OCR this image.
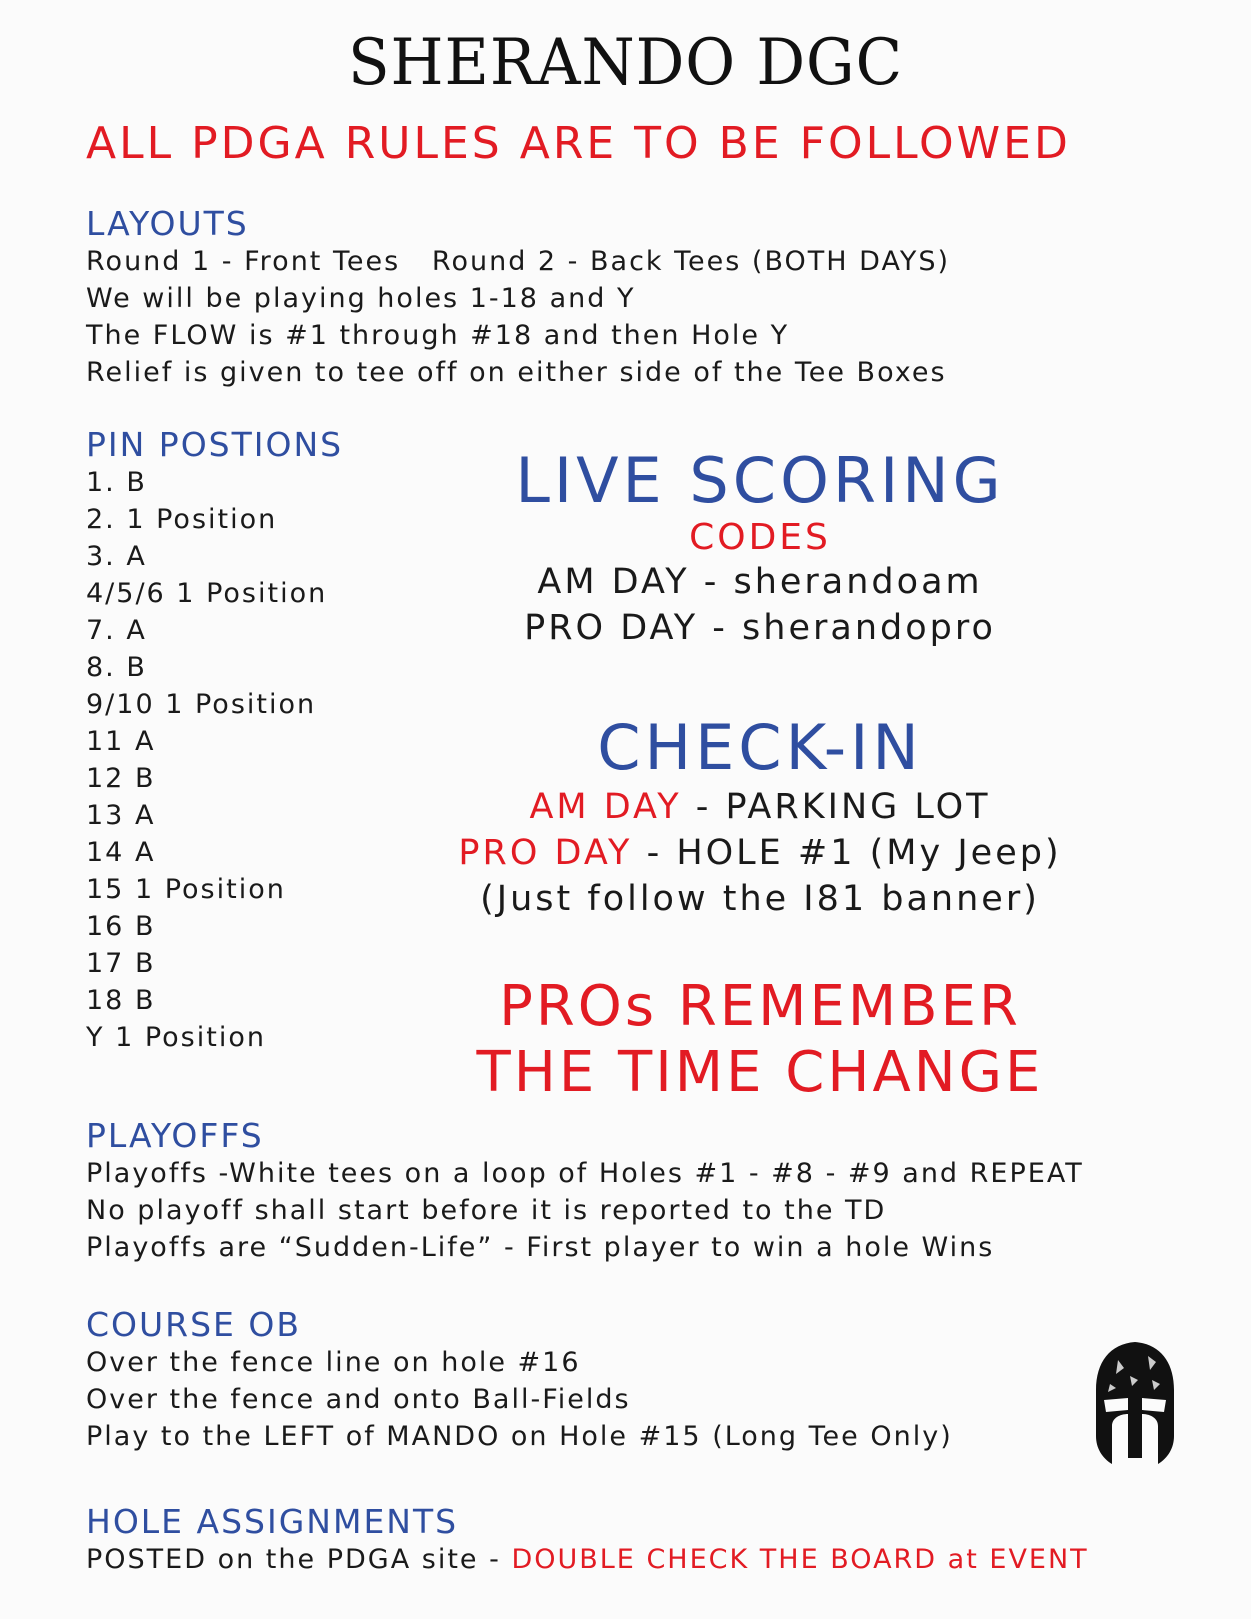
SHERANDO DGC
ALL PDGA RULES ARE TO BE FOLLOWED
LAYOUTS
Round 1 - Front Tees   Round 2 - Back Tees (BOTH DAYS)
We will be playing holes 1-18 and Y
The FLOW is #1 through #18 and then Hole Y
Relief is given to tee off on either side of the Tee Boxes
PIN POSTIONS
1. B
2. 1 Position
3. A
4/5/6 1 Position
7. A
8. B
9/10 1 Position
11 A
12 B
13 A
14 A
15 1 Position
16 B
17 B
18 B
Y 1 Position
LIVE SCORING
CODES
AM DAY - sherandoam
PRO DAY - sherandopro
CHECK-IN
AM DAY - PARKING LOT
PRO DAY - HOLE #1 (My Jeep)
(Just follow the I81 banner)
PROs REMEMBER
THE TIME CHANGE
PLAYOFFS
Playoffs -White tees on a loop of Holes #1 - #8 - #9 and REPEAT
No playoff shall start before it is reported to the TD
Playoffs are “Sudden-Life” - First player to win a hole Wins
COURSE OB
Over the fence line on hole #16
Over the fence and onto Ball-Fields
Play to the LEFT of MANDO on Hole #15 (Long Tee Only)
HOLE ASSIGNMENTS
POSTED on the PDGA site - DOUBLE CHECK THE BOARD at EVENT
